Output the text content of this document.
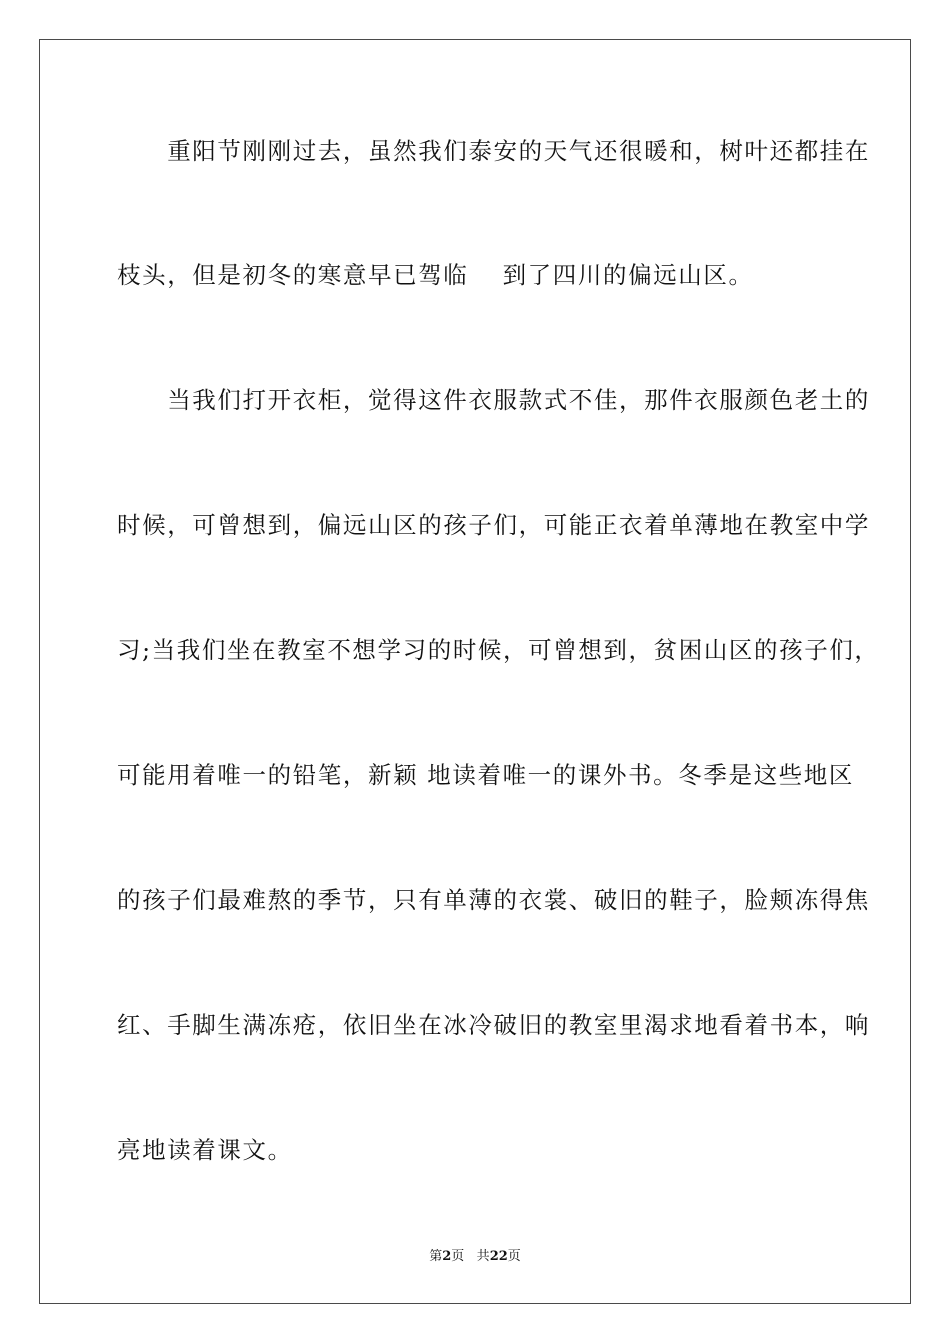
　　重阳节刚刚过去，虽然我们泰安的天气还很暖和，树叶还都挂在
枝头，但是初冬的寒意早已驾临　 到了四川的偏远山区。
　　当我们打开衣柜，觉得这件衣服款式不佳，那件衣服颜色老土的
时候，可曾想到，偏远山区的孩子们，可能正衣着单薄地在教室中学
习;当我们坐在教室不想学习的时候，可曾想到，贫困山区的孩子们，
可能用着唯一的铅笔，新颖 地读着唯一的课外书。冬季是这些地区
的孩子们最难熬的季节，只有单薄的衣裳、破旧的鞋子，脸颊冻得焦
红、手脚生满冻疮，依旧坐在冰冷破旧的教室里渴求地看着书本，响
亮地读着课文。
第2页 共22页
